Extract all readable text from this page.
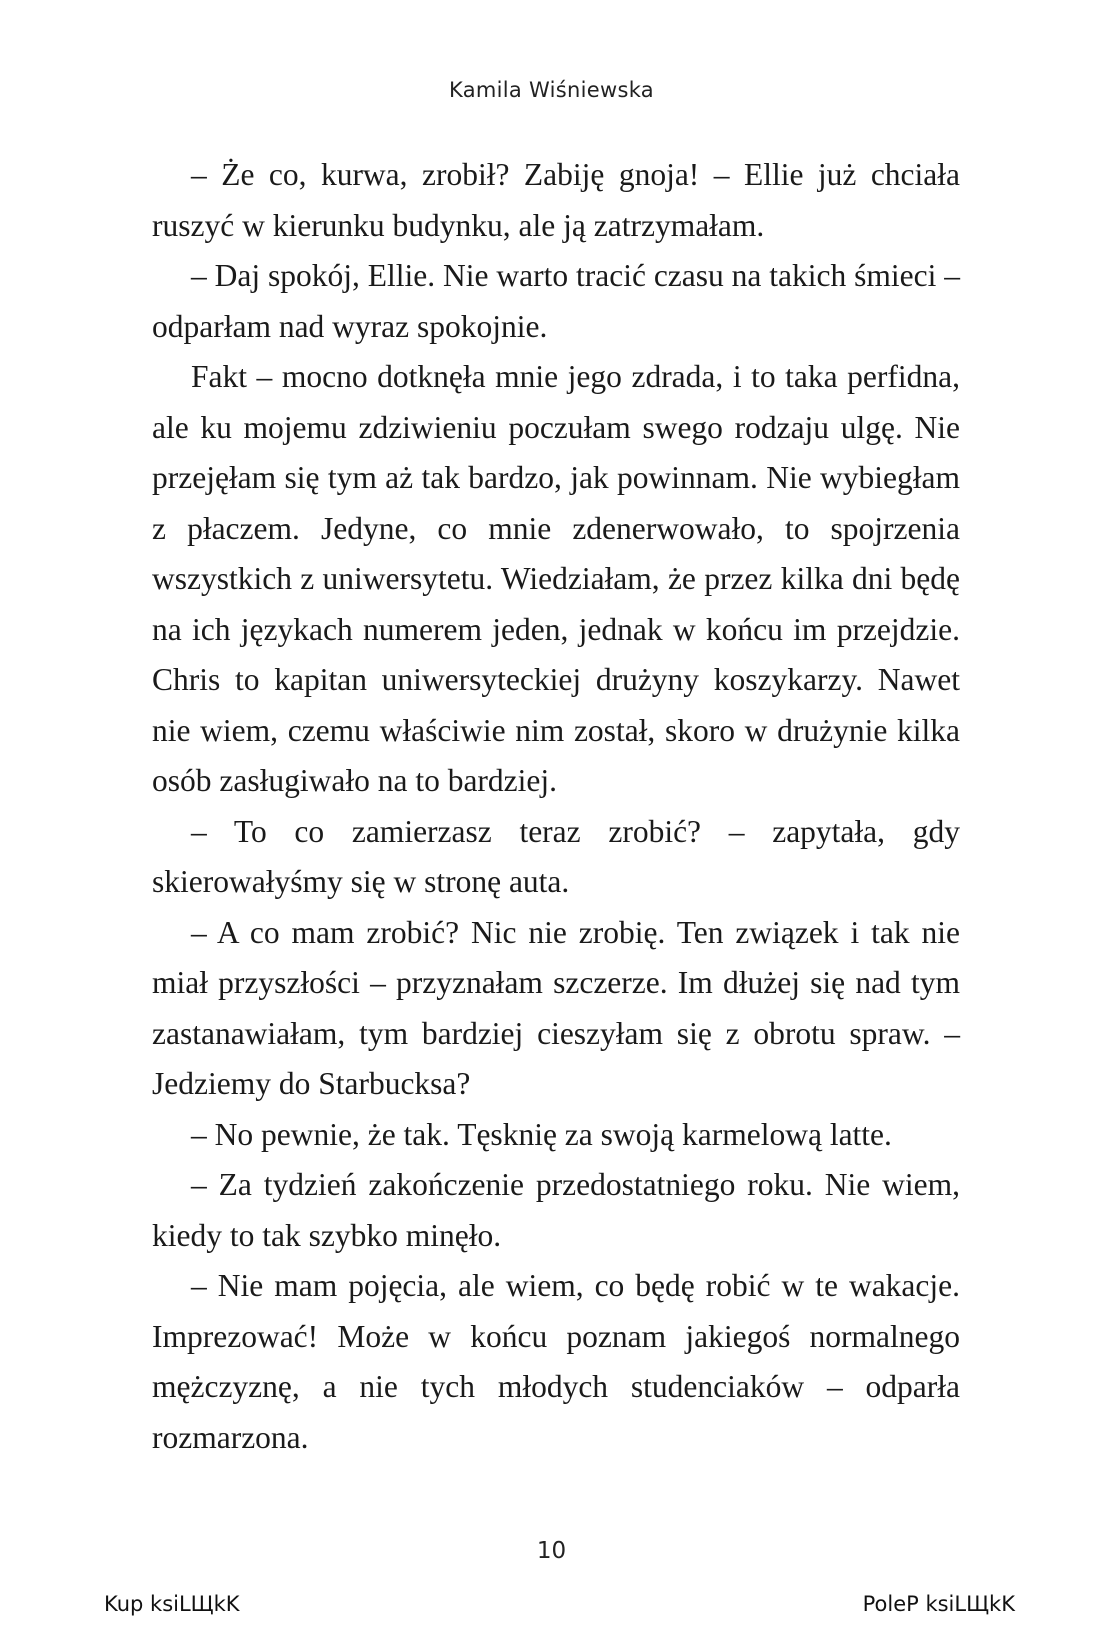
Kamila Wiśniewska

– Że co, kurwa, zrobił? Zabiję gnoja! – Ellie już chciała ruszyć w kierunku budynku, ale ją zatrzymałam.

– Daj spokój, Ellie. Nie warto tracić czasu na takich śmieci – odparłam nad wyraz spokojnie.

Fakt – mocno dotknęła mnie jego zdrada, i to taka perfidna, ale ku mojemu zdziwieniu poczułam swego rodzaju ulgę. Nie przejęłam się tym aż tak bardzo, jak powinnam. Nie wybiegłam z płaczem. Jedyne, co mnie zdenerwowało, to spojrzenia wszystkich z uniwersytetu. Wiedziałam, że przez kilka dni będę na ich językach numerem jeden, jednak w końcu im przejdzie. Chris to kapitan uniwersyteckiej drużyny koszykarzy. Nawet nie wiem, czemu właściwie nim został, skoro w drużynie kilka osób zasługiwało na to bardziej.

– To co zamierzasz teraz zrobić? – zapytała, gdy skierowałyśmy się w stronę auta.

– A co mam zrobić? Nic nie zrobię. Ten związek i tak nie miał przyszłości – przyznałam szczerze. Im dłużej się nad tym zastanawiałam, tym bardziej cieszyłam się z obrotu spraw. – Jedziemy do Starbucksa?

– No pewnie, że tak. Tęsknię za swoją karmelową latte.

– Za tydzień zakończenie przedostatniego roku. Nie wiem, kiedy to tak szybko minęło.

– Nie mam pojęcia, ale wiem, co będę robić w te wakacje. Imprezować! Może w końcu poznam jakiegoś normalnego mężczyznę, a nie tych młodych studenciaków – odparła rozmarzona.

10
Kup ksiLЩkK	PoleP ksiLЩkK
